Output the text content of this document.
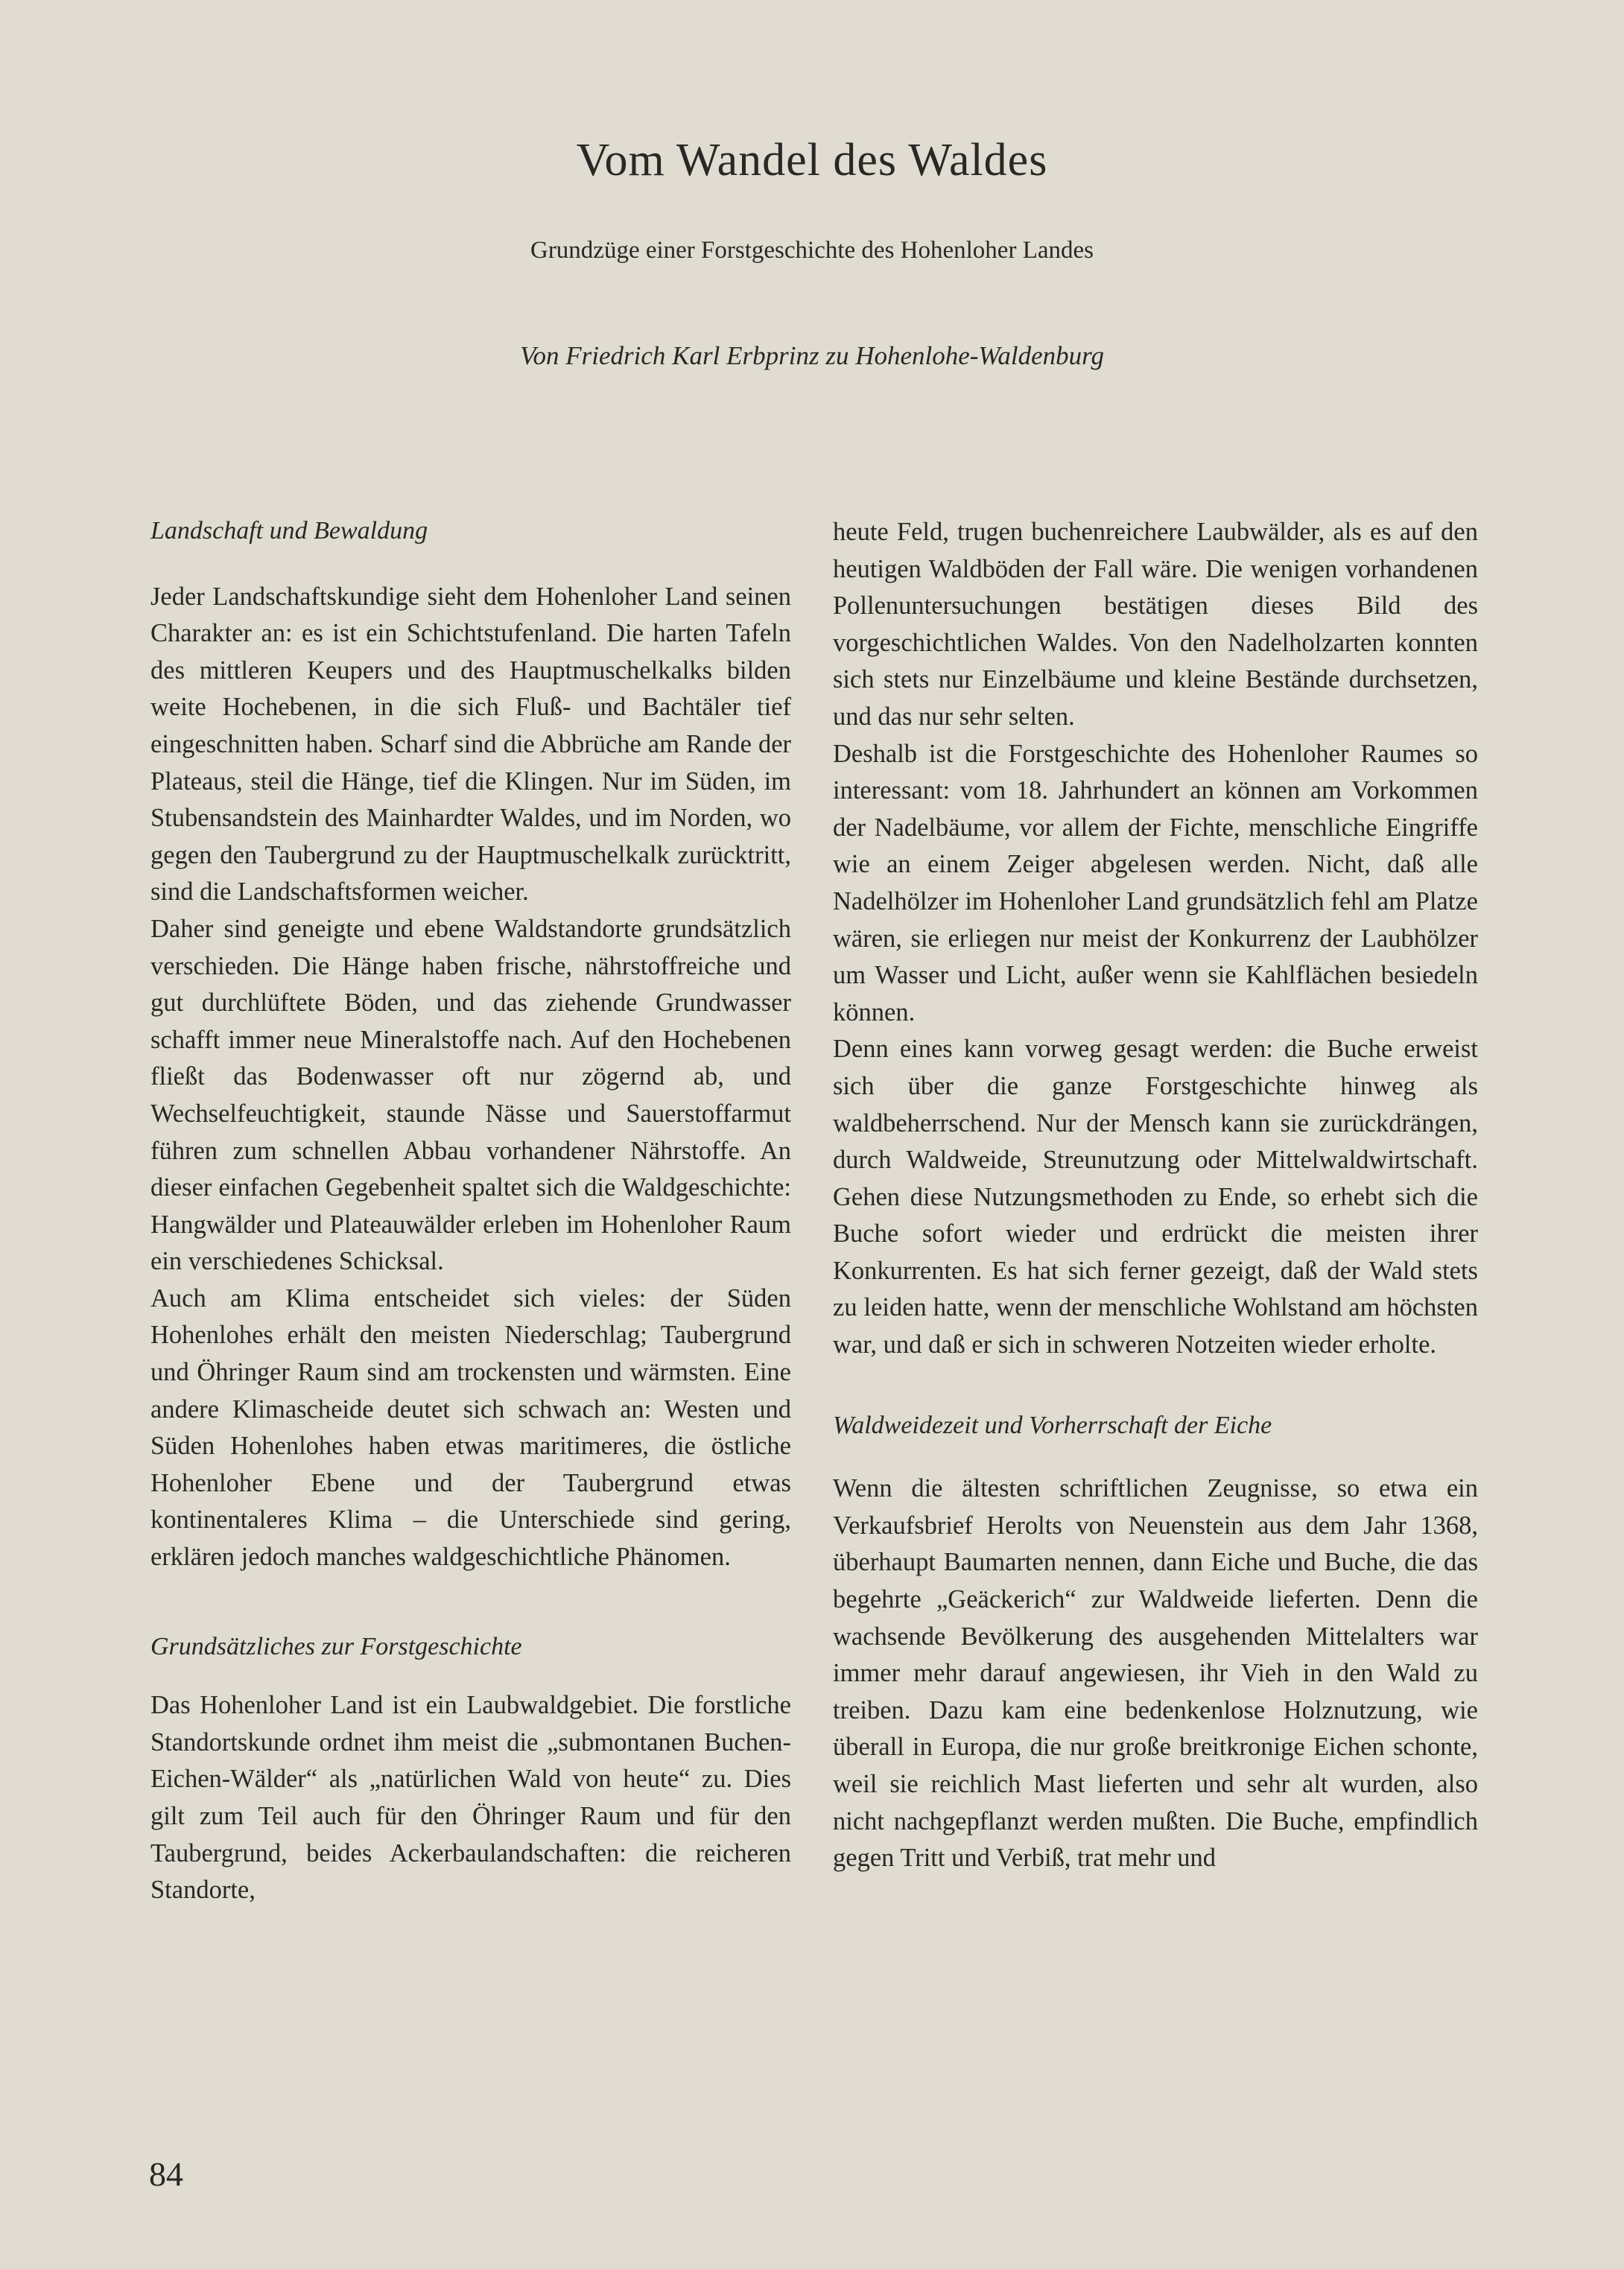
Vom Wandel des Waldes
Grundzüge einer Forstgeschichte des Hohenloher Landes
Von Friedrich Karl Erbprinz zu Hohenlohe-Waldenburg
Landschaft und Bewaldung

Jeder Landschaftskundige sieht dem Hohenloher Land seinen Charakter an: es ist ein Schichtstufenland. Die harten Tafeln des mittleren Keupers und des Hauptmuschelkalks bilden weite Hochebenen, in die sich Fluß- und Bachtäler tief eingeschnitten haben. Scharf sind die Abbrüche am Rande der Plateaus, steil die Hänge, tief die Klingen. Nur im Süden, im Stubensandstein des Mainhardter Waldes, und im Norden, wo gegen den Taubergrund zu der Hauptmuschelkalk zurücktritt, sind die Landschaftsformen weicher.

Daher sind geneigte und ebene Waldstandorte grundsätzlich verschieden. Die Hänge haben frische, nährstoffreiche und gut durchlüftete Böden, und das ziehende Grundwasser schafft immer neue Mineralstoffe nach. Auf den Hochebenen fließt das Bodenwasser oft nur zögernd ab, und Wechselfeuchtigkeit, staunde Nässe und Sauerstoffarmut führen zum schnellen Abbau vorhandener Nährstoffe. An dieser einfachen Gegebenheit spaltet sich die Waldgeschichte: Hangwälder und Plateauwälder erleben im Hohenloher Raum ein verschiedenes Schicksal.

Auch am Klima entscheidet sich vieles: der Süden Hohenlohes erhält den meisten Niederschlag; Taubergrund und Öhringer Raum sind am trockensten und wärmsten. Eine andere Klimascheide deutet sich schwach an: Westen und Süden Hohenlohes haben etwas maritimeres, die östliche Hohenloher Ebene und der Taubergrund etwas kontinentaleres Klima – die Unterschiede sind gering, erklären jedoch manches waldgeschichtliche Phänomen.

Grundsätzliches zur Forstgeschichte

Das Hohenloher Land ist ein Laubwaldgebiet. Die forstliche Standortskunde ordnet ihm meist die „submontanen Buchen-Eichen-Wälder“ als „natürlichen Wald von heute“ zu. Dies gilt zum Teil auch für den Öhringer Raum und für den Taubergrund, beides Ackerbaulandschaften: die reicheren Standorte,

heute Feld, trugen buchenreichere Laubwälder, als es auf den heutigen Waldböden der Fall wäre. Die wenigen vorhandenen Pollenuntersuchungen bestätigen dieses Bild des vorgeschichtlichen Waldes. Von den Nadelholzarten konnten sich stets nur Einzelbäume und kleine Bestände durchsetzen, und das nur sehr selten.

Deshalb ist die Forstgeschichte des Hohenloher Raumes so interessant: vom 18. Jahrhundert an können am Vorkommen der Nadelbäume, vor allem der Fichte, menschliche Eingriffe wie an einem Zeiger abgelesen werden. Nicht, daß alle Nadelhölzer im Hohenloher Land grundsätzlich fehl am Platze wären, sie erliegen nur meist der Konkurrenz der Laubhölzer um Wasser und Licht, außer wenn sie Kahlflächen besiedeln können.

Denn eines kann vorweg gesagt werden: die Buche erweist sich über die ganze Forstgeschichte hinweg als waldbeherrschend. Nur der Mensch kann sie zurückdrängen, durch Waldweide, Streunutzung oder Mittelwaldwirtschaft. Gehen diese Nutzungsmethoden zu Ende, so erhebt sich die Buche sofort wieder und erdrückt die meisten ihrer Konkurrenten. Es hat sich ferner gezeigt, daß der Wald stets zu leiden hatte, wenn der menschliche Wohlstand am höchsten war, und daß er sich in schweren Notzeiten wieder erholte.

Waldweidezeit und Vorherrschaft der Eiche

Wenn die ältesten schriftlichen Zeugnisse, so etwa ein Verkaufsbrief Herolts von Neuenstein aus dem Jahr 1368, überhaupt Baumarten nennen, dann Eiche und Buche, die das begehrte „Geäckerich“ zur Waldweide lieferten. Denn die wachsende Bevölkerung des ausgehenden Mittelalters war immer mehr darauf angewiesen, ihr Vieh in den Wald zu treiben. Dazu kam eine bedenkenlose Holznutzung, wie überall in Europa, die nur große breitkronige Eichen schonte, weil sie reichlich Mast lieferten und sehr alt wurden, also nicht nachgepflanzt werden mußten. Die Buche, empfindlich gegen Tritt und Verbiß, trat mehr und

84
